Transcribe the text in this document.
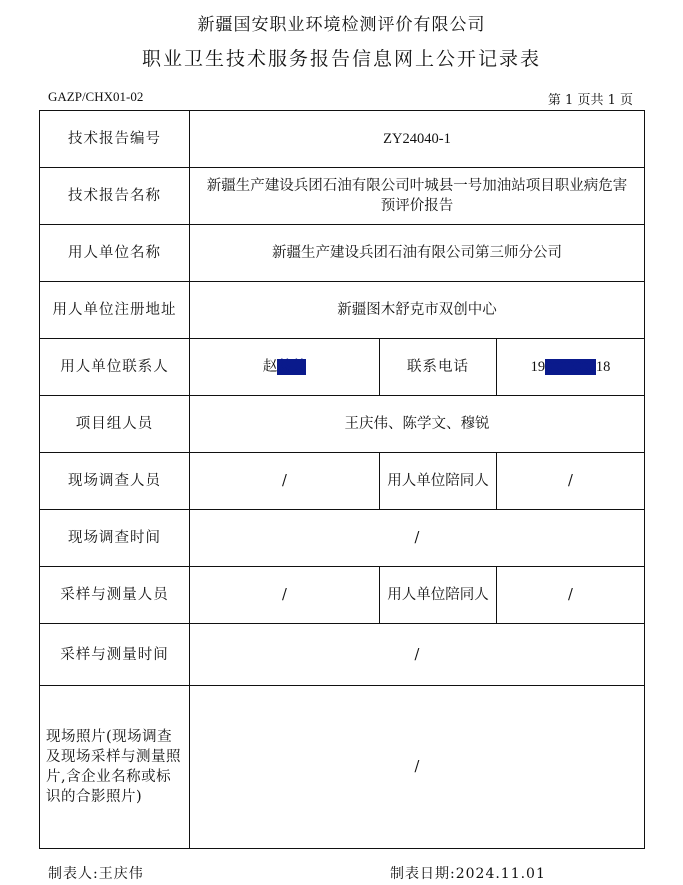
新疆国安职业环境检测评价有限公司
职业卫生技术服务报告信息网上公开记录表
GAZP/CHX01-02	第 1 页共 1 页
技术报告编号	ZY24040-1		
技术报告名称	新疆生产建设兵团石油有限公司叶城县一号加油站项目职业病危害预评价报告		
用人单位名称	新疆生产建设兵团石油有限公司第三师分公司		
用人单位注册地址	新疆图木舒克市双创中心		
用人单位联系人	赵某某	联系电话	19000000018
项目组人员	王庆伟、陈学文、穆锐		
现场调查人员	/	用人单位陪同人	/
现场调查时间	/		
采样与测量人员	/	用人单位陪同人	/
采样与测量时间	/		
现场照片(现场调查及现场采样与测量照片,含企业名称或标识的合影照片)	/		
制表人:王庆伟	制表日期:2024.11.01
